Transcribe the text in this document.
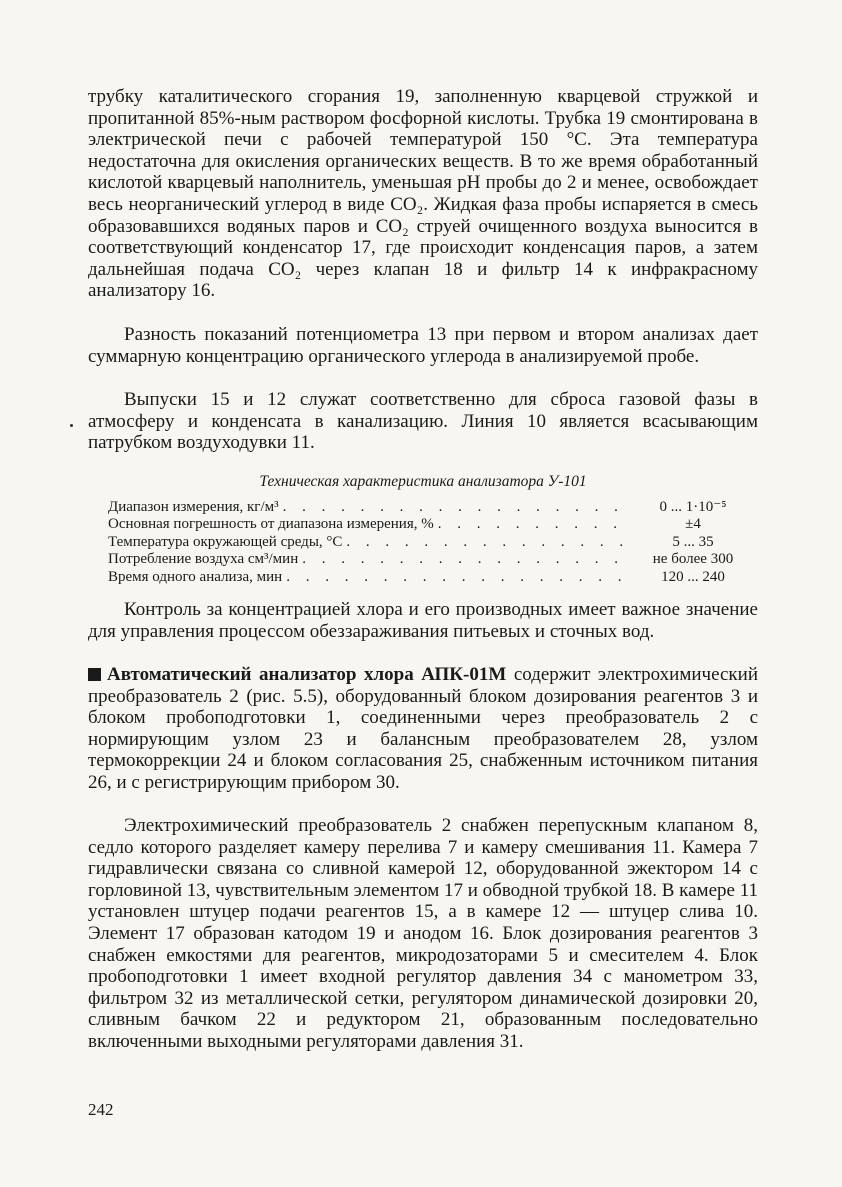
трубку каталитического сгорания 19, заполненную кварцевой стружкой и пропитанной 85%-ным раствором фосфорной кислоты. Трубка 19 смонтирована в электрической печи с рабочей температурой 150 °С. Эта температура недостаточна для окисления органических веществ. В то же время обработанный кислотой кварцевый наполнитель, уменьшая pH пробы до 2 и менее, освобождает весь неорганический углерод в виде CO₂. Жидкая фаза пробы испаряется в смесь образовавшихся водяных паров и CO₂ струей очищенного воздуха выносится в соответствующий конденсатор 17, где происходит конденсация паров, а затем дальнейшая подача CO₂ через клапан 18 и фильтр 14 к инфракрасному анализатору 16.

Разность показаний потенциометра 13 при первом и втором анализах дает суммарную концентрацию органического углерода в анализируемой пробе.

Выпуски 15 и 12 служат соответственно для сброса газовой фазы в атмосферу и конденсата в канализацию. Линия 10 является всасывающим патрубком воздуходувки 11.

Техническая характеристика анализатора У-101

Диапазон измерения, кг/м³ . . .	0 ... 1·10⁻⁵
Основная погрешность от диапазона измерения, % . . .	±4
Температура окружающей среды, °С . . .	5 ... 35
Потребление воздуха см³/мин . . .	не более 300
Время одного анализа, мин . . .	120 ... 240

Контроль за концентрацией хлора и его производных имеет важное значение для управления процессом обеззараживания питьевых и сточных вод.

Автоматический анализатор хлора АПК-01М содержит электрохимический преобразователь 2 (рис. 5.5), оборудованный блоком дозирования реагентов 3 и блоком пробоподготовки 1, соединенными через преобразователь 2 с нормирующим узлом 23 и балансным преобразователем 28, узлом термокоррекции 24 и блоком согласования 25, снабженным источником питания 26, и с регистрирующим прибором 30.

Электрохимический преобразователь 2 снабжен перепускным клапаном 8, седло которого разделяет камеру перелива 7 и камеру смешивания 11. Камера 7 гидравлически связана со сливной камерой 12, оборудованной эжектором 14 с горловиной 13, чувствительным элементом 17 и обводной трубкой 18. В камере 11 установлен штуцер подачи реагентов 15, а в камере 12 — штуцер слива 10. Элемент 17 образован катодом 19 и анодом 16. Блок дозирования реагентов 3 снабжен емкостями для реагентов, микродозаторами 5 и смесителем 4. Блок пробоподготовки 1 имеет входной регулятор давления 34 с манометром 33, фильтром 32 из металлической сетки, регулятором динамической дозировки 20, сливным бачком 22 и редуктором 21, образованным последовательно включенными выходными регуляторами давления 31.

242
